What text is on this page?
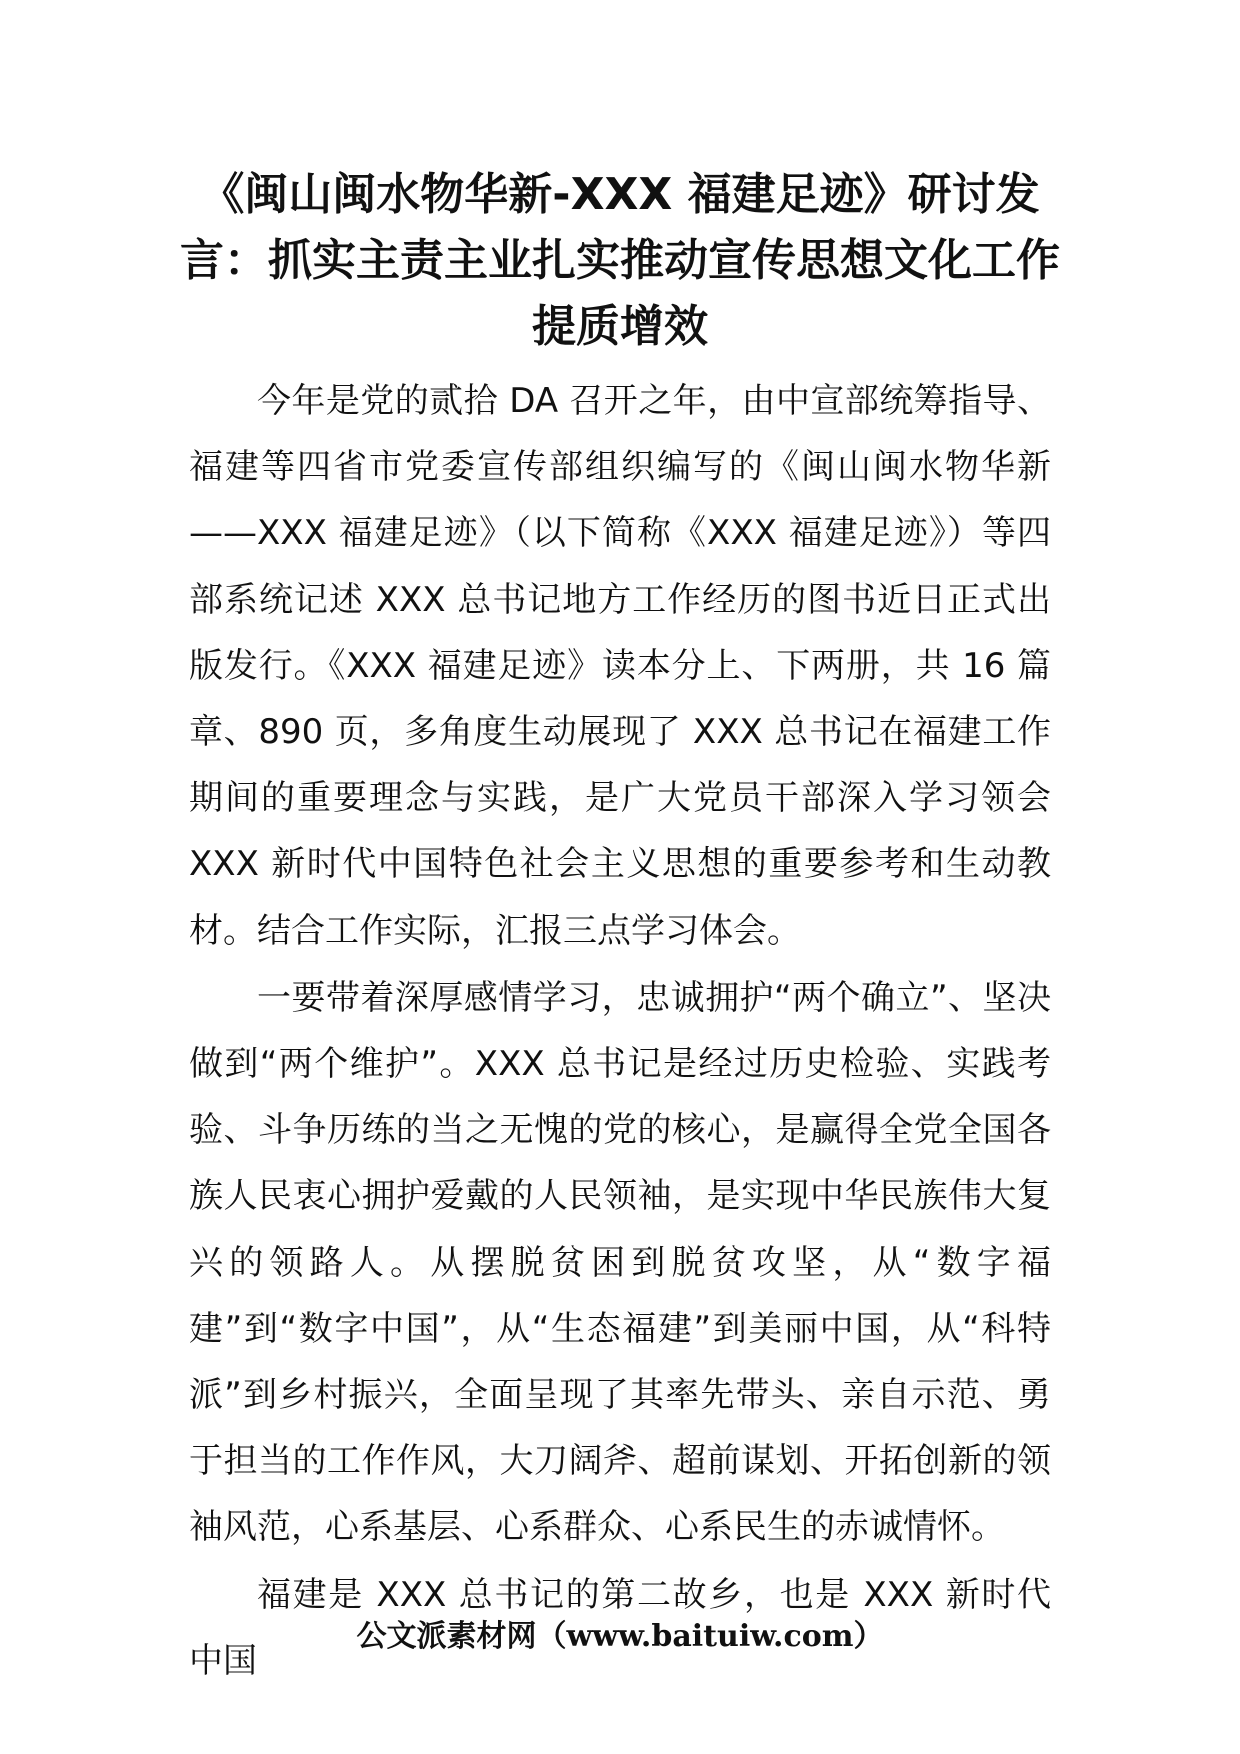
《闽山闽水物华新-XXX 福建足迹》研讨发言：抓实主责主业扎实推动宣传思想文化工作提质增效

今年是党的贰拾 DA 召开之年，由中宣部统筹指导、福建等四省市党委宣传部组织编写的《闽山闽水物华新——XXX 福建足迹》（以下简称《XXX 福建足迹》）等四部系统记述 XXX 总书记地方工作经历的图书近日正式出版发行。《XXX 福建足迹》读本分上、下两册，共 16 篇章、890 页，多角度生动展现了 XXX 总书记在福建工作期间的重要理念与实践，是广大党员干部深入学习领会 XXX 新时代中国特色社会主义思想的重要参考和生动教材。结合工作实际，汇报三点学习体会。

一要带着深厚感情学习，忠诚拥护“两个确立”、坚决做到“两个维护”。XXX 总书记是经过历史检验、实践考验、斗争历练的当之无愧的党的核心，是赢得全党全国各族人民衷心拥护爱戴的人民领袖，是实现中华民族伟大复兴的领路人。从摆脱贫困到脱贫攻坚，从“数字福建”到“数字中国”，从“生态福建”到美丽中国，从“科特派”到乡村振兴，全面呈现了其率先带头、亲自示范、勇于担当的工作作风，大刀阔斧、超前谋划、开拓创新的领袖风范，心系基层、心系群众、心系民生的赤诚情怀。

福建是 XXX 总书记的第二故乡，也是 XXX 新时代中国

公文派素材网（www.baituiw.com）
